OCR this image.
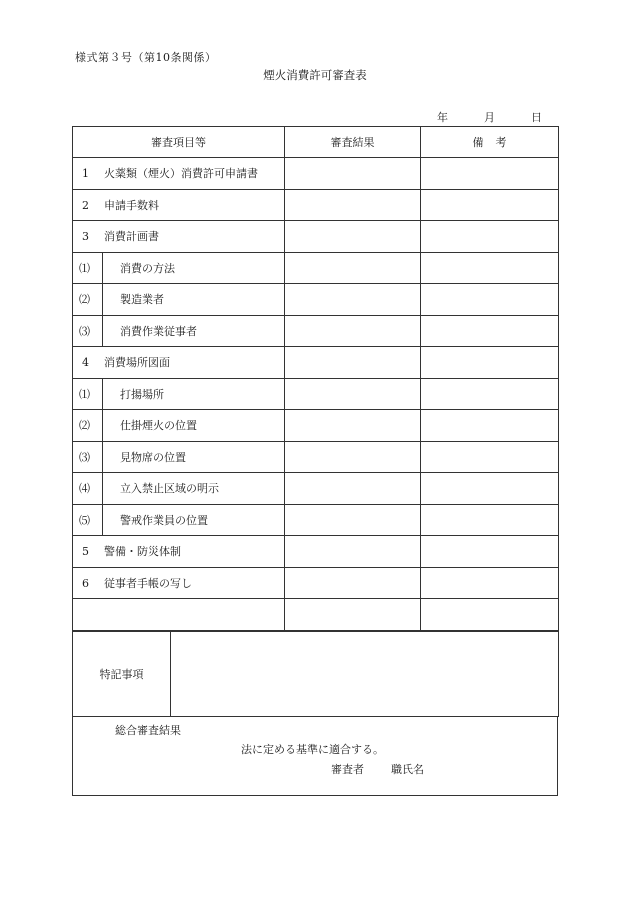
様式第３号（第10条関係）
煙火消費許可審査表
年	月	日
審査項目等		審査結果	備考
1 火薬類（煙火）消費許可申請書			
2 申請手数料			
3 消費計画書			
⑴	消費の方法		
⑵	製造業者		
⑶	消費作業従事者		
4 消費場所図面			
⑴	打揚場所		
⑵	仕掛煙火の位置		
⑶	見物席の位置		
⑷	立入禁止区域の明示		
⑸	警戒作業員の位置		
5 警備・防災体制			
6 従事者手帳の写し			

特記事項	
総合審査結果
法に定める基準に適合する。
審査者 職氏名
